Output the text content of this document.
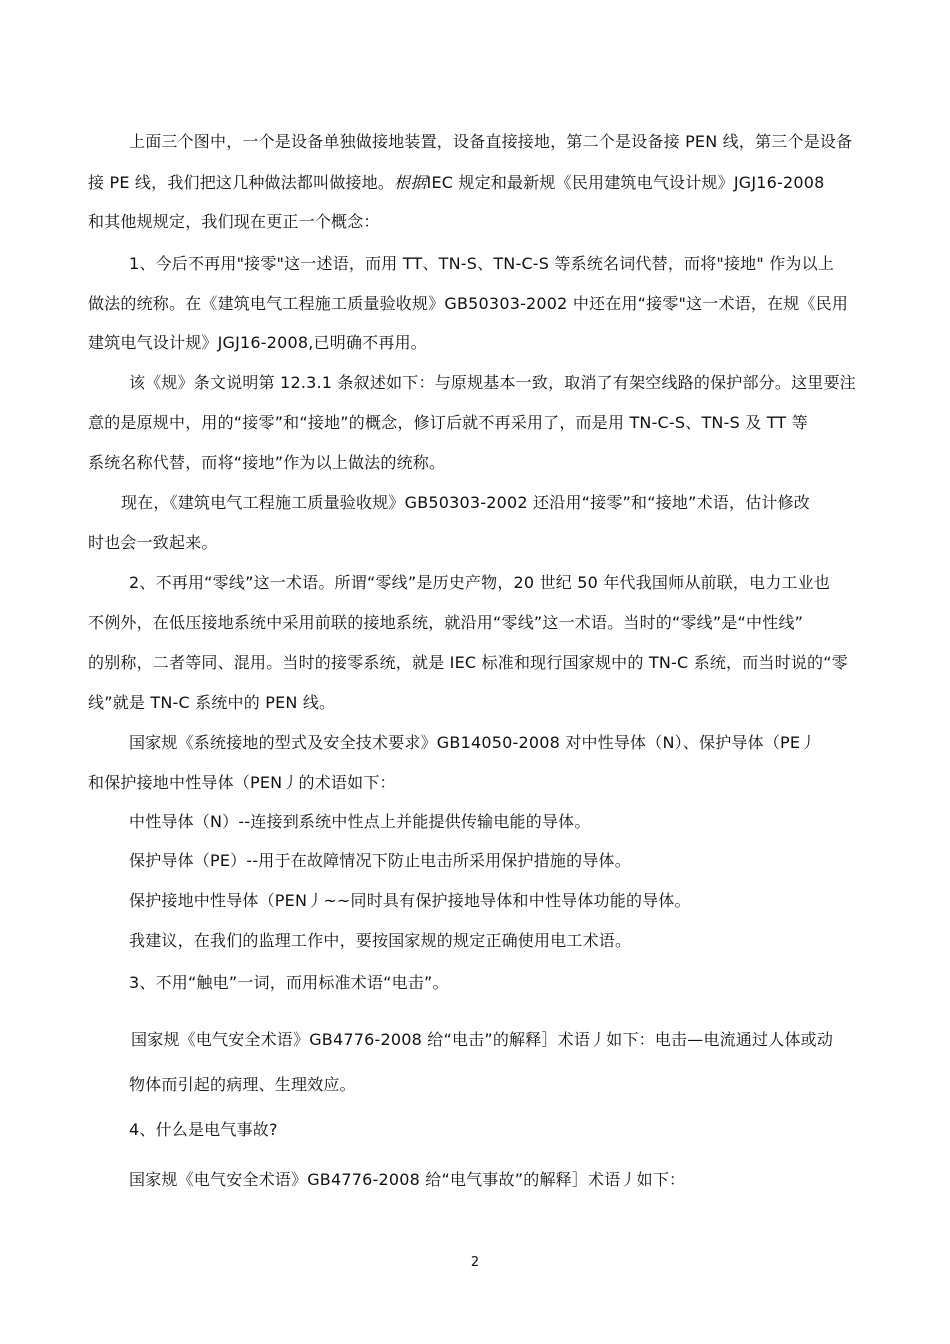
上面三个图中，一个是设备单独做接地装置，设备直接接地，第二个是设备接 PEN 线，第三个是设备
接 PE 线，我们把这几种做法都叫做接地。根据IEC 规定和最新规《民用建筑电气设计规》JGJ16-2008
和其他规规定，我们现在更正一个概念：
1、今后不再用"接零"这一述语，而用 TT、TN-S、TN-C-S 等系统名词代替，而将"接地" 作为以上
做法的统称。在《建筑电气工程施工质量验收规》GB50303-2002 中还在用“接零"这一术语，在规《民用
建筑电气设计规》JGJ16-2008,已明确不再用。
该《规》条文说明第 12.3.1 条叙述如下：与原规基本一致，取消了有架空线路的保护部分。这里要注
意的是原规中，用的“接零”和“接地”的概念，修订后就不再采用了，而是用 TN-C-S、TN-S 及 TT 等
系统名称代替，而将“接地”作为以上做法的统称。
现在，《建筑电气工程施工质量验收规》GB50303-2002 还沿用“接零”和“接地”术语，估计修改
时也会一致起来。
2、不再用“零线”这一术语。所谓“零线”是历史产物，20 世纪 50 年代我国师从前联，电力工业也
不例外，在低压接地系统中采用前联的接地系统，就沿用“零线”这一术语。当时的“零线”是“中性线”
的别称，二者等同、混用。当时的接零系统，就是 IEC 标准和现行国家规中的 TN-C 系统，而当时说的“零
线”就是 TN-C 系统中的 PEN 线。
国家规《系统接地的型式及安全技术要求》GB14050-2008 对中性导体（N）、保护导体（PE丿
和保护接地中性导体（PEN丿的术语如下：
中性导体（N）--连接到系统中性点上并能提供传输电能的导体。
保护导体（PE）--用于在故障情况下防止电击所采用保护措施的导体。
保护接地中性导体（PEN丿~~同时具有保护接地导体和中性导体功能的导体。
我建议，在我们的监理工作中，要按国家规的规定正确使用电工术语。
3、不用“触电”一词，而用标准术语“电击”。
国家规《电气安全术语》GB4776-2008 给“电击”的解释］术语丿如下：电击—电流通过人体或动
物体而引起的病理、生理效应。
4、什么是电气事故?
国家规《电气安全术语》GB4776-2008 给“电气事故”的解释］术语丿如下：
2
